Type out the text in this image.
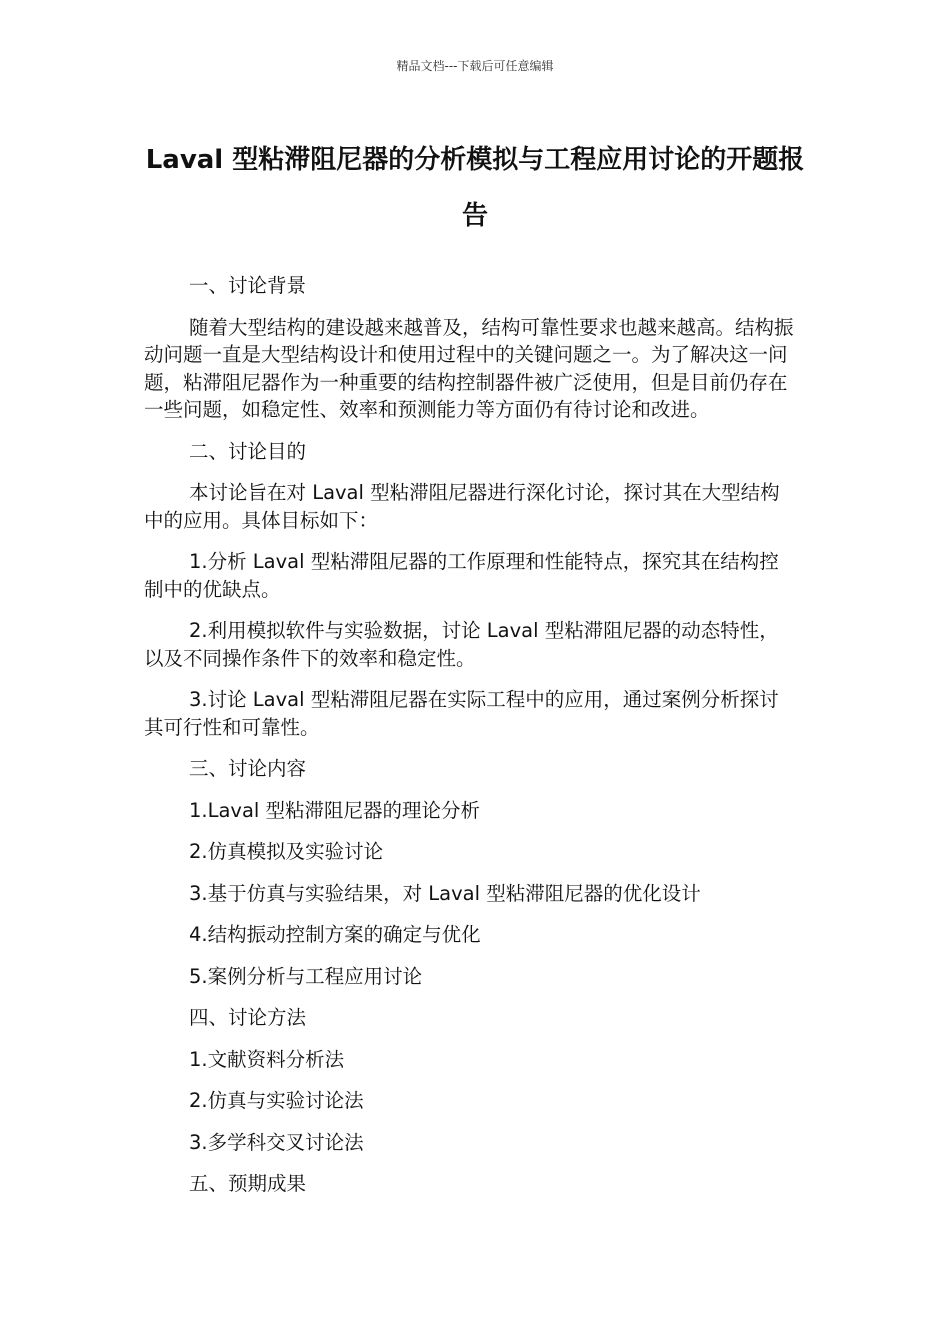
精品文档---下载后可任意编辑
Laval 型粘滞阻尼器的分析模拟与工程应用讨论的开题报告

一、讨论背景

随着大型结构的建设越来越普及，结构可靠性要求也越来越高。结构振动问题一直是大型结构设计和使用过程中的关键问题之一。为了解决这一问题，粘滞阻尼器作为一种重要的结构控制器件被广泛使用，但是目前仍存在一些问题，如稳定性、效率和预测能力等方面仍有待讨论和改进。

二、讨论目的

本讨论旨在对 Laval 型粘滞阻尼器进行深化讨论，探讨其在大型结构中的应用。具体目标如下：

1.分析 Laval 型粘滞阻尼器的工作原理和性能特点，探究其在结构控制中的优缺点。

2.利用模拟软件与实验数据，讨论 Laval 型粘滞阻尼器的动态特性，以及不同操作条件下的效率和稳定性。

3.讨论 Laval 型粘滞阻尼器在实际工程中的应用，通过案例分析探讨其可行性和可靠性。

三、讨论内容

1.Laval 型粘滞阻尼器的理论分析

2.仿真模拟及实验讨论

3.基于仿真与实验结果，对 Laval 型粘滞阻尼器的优化设计

4.结构振动控制方案的确定与优化

5.案例分析与工程应用讨论

四、讨论方法

1.文献资料分析法

2.仿真与实验讨论法

3.多学科交叉讨论法

五、预期成果
